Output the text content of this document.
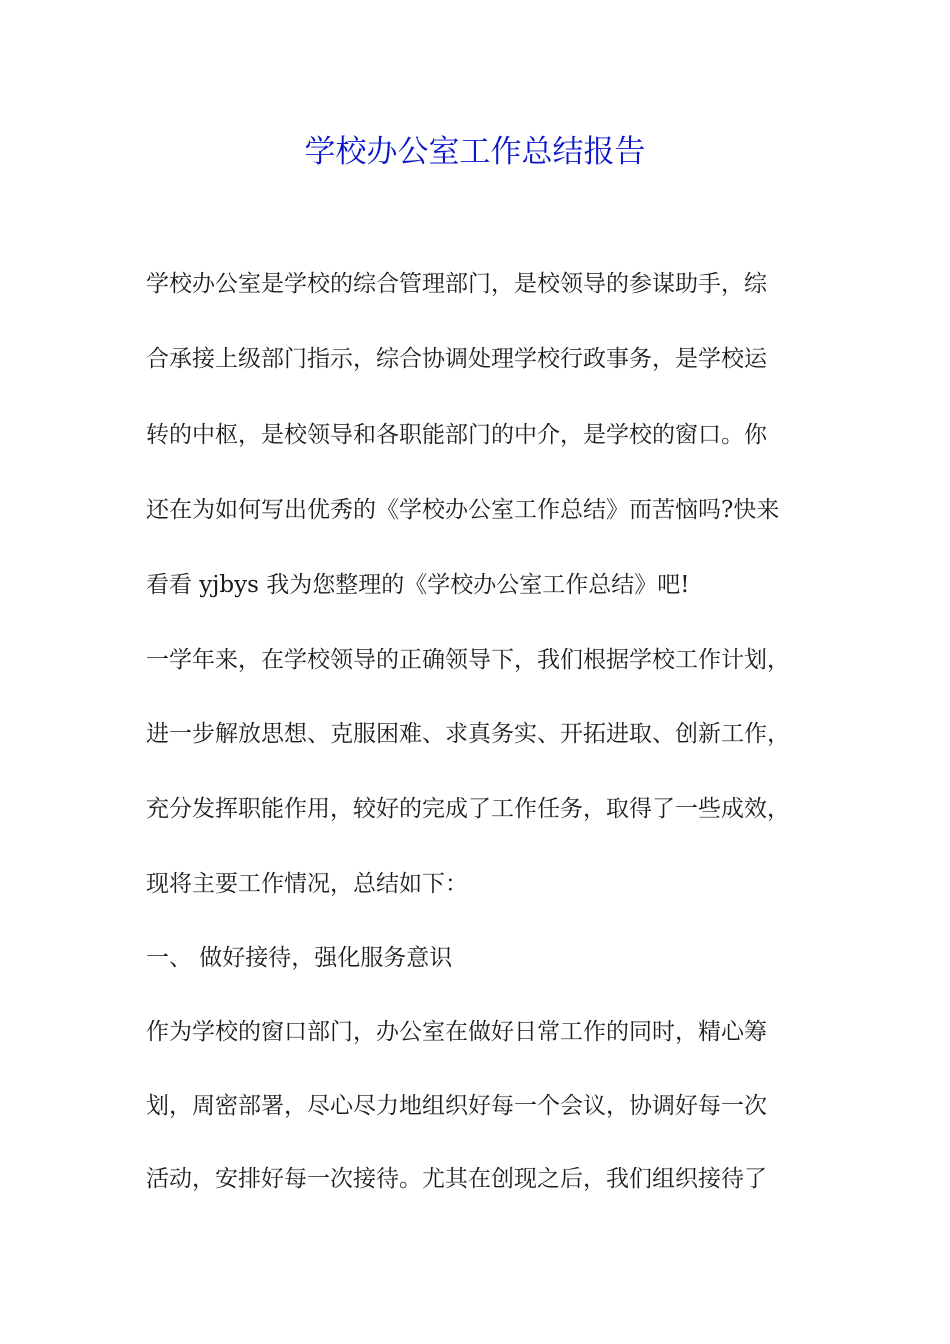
学校办公室工作总结报告
学校办公室是学校的综合管理部门，是校领导的参谋助手，综
合承接上级部门指示，综合协调处理学校行政事务，是学校运
转的中枢，是校领导和各职能部门的中介，是学校的窗口。你
还在为如何写出优秀的《学校办公室工作总结》而苦恼吗?快来
看看 yjbys 我为您整理的《学校办公室工作总结》吧!
一学年来，在学校领导的正确领导下，我们根据学校工作计划，
进一步解放思想、克服困难、求真务实、开拓进取、创新工作，
充分发挥职能作用，较好的完成了工作任务，取得了一些成效，
现将主要工作情况，总结如下：
一、 做好接待，强化服务意识
作为学校的窗口部门，办公室在做好日常工作的同时，精心筹
划，周密部署，尽心尽力地组织好每一个会议，协调好每一次
活动，安排好每一次接待。尤其在创现之后，我们组织接待了
